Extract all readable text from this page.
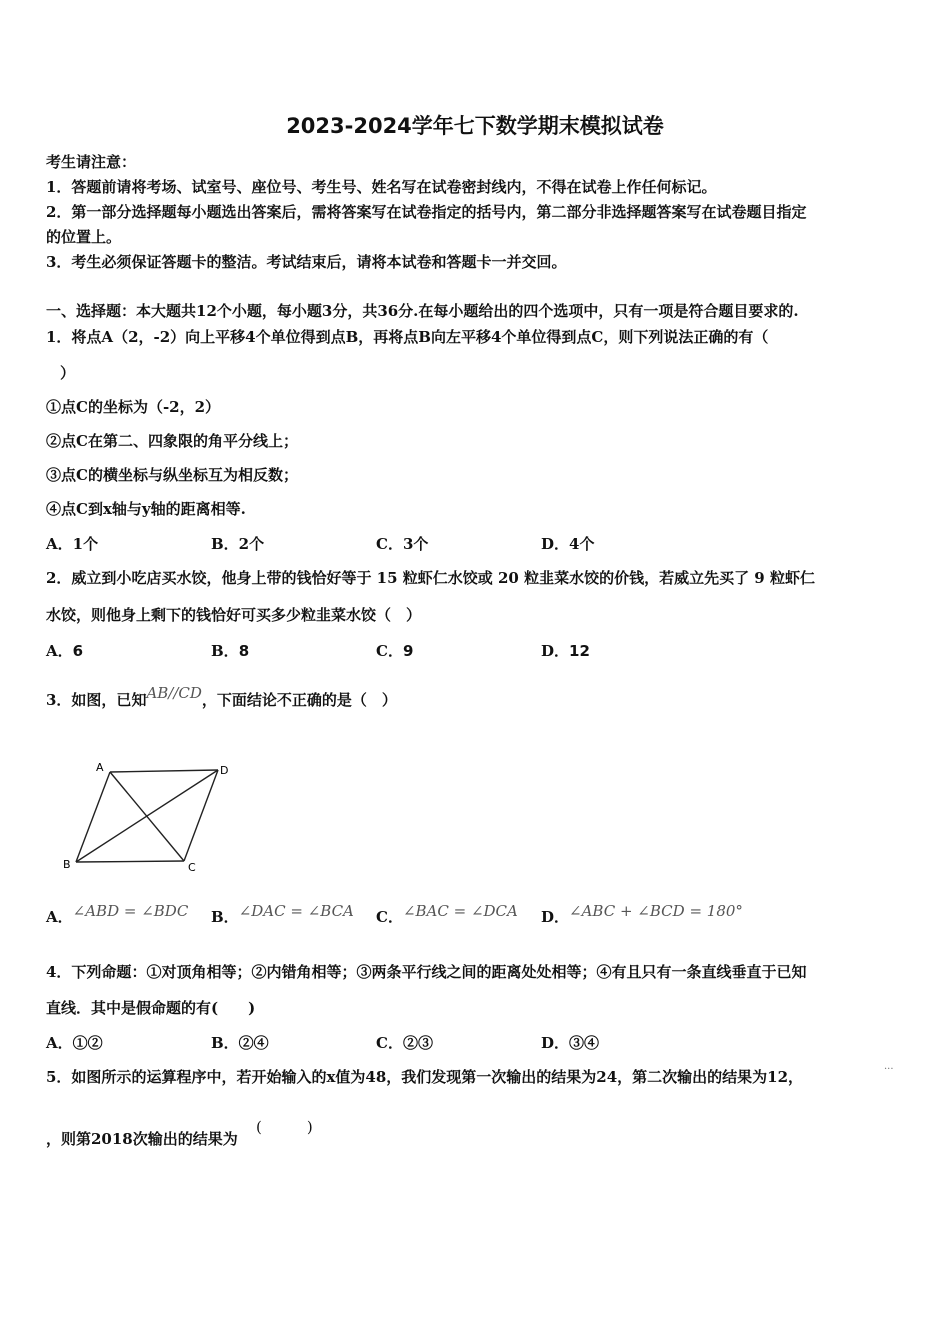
2023-2024学年七下数学期末模拟试卷
考生请注意：
1．答题前请将考场、试室号、座位号、考生号、姓名写在试卷密封线内，不得在试卷上作任何标记。
2．第一部分选择题每小题选出答案后，需将答案写在试卷指定的括号内，第二部分非选择题答案写在试卷题目指定
的位置上。
3．考生必须保证答题卡的整洁。考试结束后，请将本试卷和答题卡一并交回。
一、选择题：本大题共12个小题，每小题3分，共36分.在每小题给出的四个选项中，只有一项是符合题目要求的.
1．将点A（2，-2）向上平移4个单位得到点B，再将点B向左平移4个单位得到点C，则下列说法正确的有（
）
①点C的坐标为（-2，2）
②点C在第二、四象限的角平分线上；
③点C的横坐标与纵坐标互为相反数；
④点C到x轴与y轴的距离相等.
A．1个	B．2个	C．3个	D．4个
2．威立到小吃店买水饺，他身上带的钱恰好等于 15 粒虾仁水饺或 20 粒韭菜水饺的价钱，若威立先买了 9 粒虾仁
水饺，则他身上剩下的钱恰好可买多少粒韭菜水饺（　）
A．6	B．8	C．9	D．12
3．如图，已知AB//CD，下面结论不正确的是（　）
A	D
B	C
A．∠ABD = ∠BDC B．∠DAC = ∠BCA C．∠BAC = ∠DCA D．∠ABC + ∠BCD = 180°
4．下列命题：①对顶角相等；②内错角相等；③两条平行线之间的距离处处相等；④有且只有一条直线垂直于已知
直线．其中是假命题的有(　　)
A．①②	B．②④	C．②③	D．③④
5．如图所示的运算程序中，若开始输入的x值为48，我们发现第一次输出的结果为24，第二次输出的结果为12，	···
，则第2018次输出的结果为
(　　　)
